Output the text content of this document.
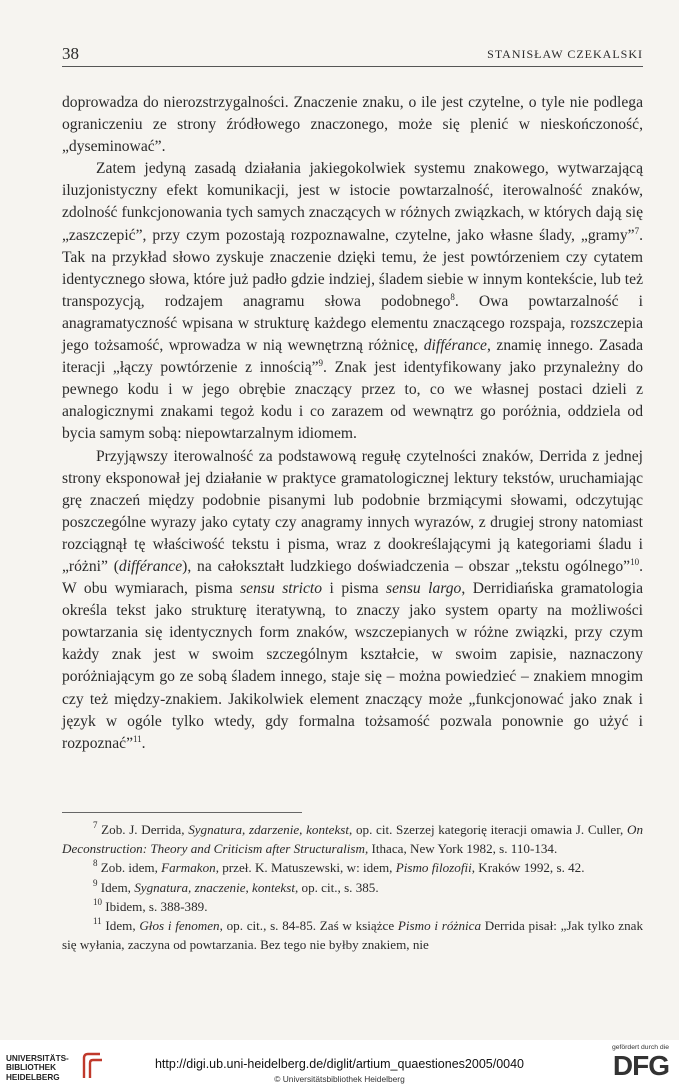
38	STANISŁAW CZEKALSKI

doprowadza do nierozstrzygalności. Znaczenie znaku, o ile jest czytelne, o tyle nie podlega ograniczeniu ze strony źródłowego znaczonego, może się plenić w nieskończoność, „dyseminować”.

Zatem jedyną zasadą działania jakiegokolwiek systemu znakowego, wytwarzającą iluzjonistyczny efekt komunikacji, jest w istocie powtarzalność, iterowalność znaków, zdolność funkcjonowania tych samych znaczących w różnych związkach, w których dają się „zaszczepić”, przy czym pozostają rozpoznawalne, czytelne, jako własne ślady, „gramy”$^7$. Tak na przykład słowo zyskuje znaczenie dzięki temu, że jest powtórzeniem czy cytatem identycznego słowa, które już padło gdzie indziej, śladem siebie w innym kontekście, lub też transpozycją, rodzajem anagramu słowa podobnego$^8$. Owa powtarzalność i anagramatyczność wpisana w strukturę każdego elementu znaczącego rozspaja, rozszczepia jego tożsamość, wprowadza w nią wewnętrzną różnicę, différance, znamię innego. Zasada iteracji „łączy powtórzenie z innością”$^9$. Znak jest identyfikowany jako przynależny do pewnego kodu i w jego obrębie znaczący przez to, co we własnej postaci dzieli z analogicznymi znakami tegoż kodu i co zarazem od wewnątrz go poróżnia, oddziela od bycia samym sobą: niepowtarzalnym idiomem.

Przyjąwszy iterowalność za podstawową regułę czytelności znaków, Derrida z jednej strony eksponował jej działanie w praktyce gramatologicznej lektury tekstów, uruchamiając grę znaczeń między podobnie pisanymi lub podobnie brzmiącymi słowami, odczytując poszczególne wyrazy jako cytaty czy anagramy innych wyrazów, z drugiej strony natomiast rozciągnął tę właściwość tekstu i pisma, wraz z dookreślającymi ją kategoriami śladu i „różni” (différance), na całokształt ludzkiego doświadczenia – obszar „tekstu ogólnego”$^{10}$. W obu wymiarach, pisma sensu stricto i pisma sensu largo, Derridiańska gramatologia określa tekst jako strukturę iteratywną, to znaczy jako system oparty na możliwości powtarzania się identycznych form znaków, wszczepianych w różne związki, przy czym każdy znak jest w swoim szczególnym kształcie, w swoim zapisie, naznaczony poróżniającym go ze sobą śladem innego, staje się – można powiedzieć – znakiem mnogim czy też między-znakiem. Jakikolwiek element znaczący może „funkcjonować jako znak i język w ogóle tylko wtedy, gdy formalna tożsamość pozwala ponownie go użyć i rozpoznać”$^{11}$.

$^7$ Zob. J. Derrida, Sygnatura, zdarzenie, kontekst, op. cit. Szerzej kategorię iteracji omawia J. Culler, On Deconstruction: Theory and Criticism after Structuralism, Ithaca, New York 1982, s. 110-134.

$^8$ Zob. idem, Farmakon, przeł. K. Matuszewski, w: idem, Pismo filozofii, Kraków 1992, s. 42.

$^9$ Idem, Sygnatura, znaczenie, kontekst, op. cit., s. 385.

$^{10}$ Ibidem, s. 388-389.

$^{11}$ Idem, Głos i fenomen, op. cit., s. 84-85. Zaś w książce Pismo i różnica Derrida pisał: „Jak tylko znak się wyłania, zaczyna od powtarzania. Bez tego nie byłby znakiem, nie

UNIVERSITÄTS-
BIBLIOTHEK
HEIDELBERG
http://digi.ub.uni-heidelberg.de/diglit/artium_quaestiones2005/0040
© Universitätsbibliothek Heidelberg
gefördert durch die
DFG
